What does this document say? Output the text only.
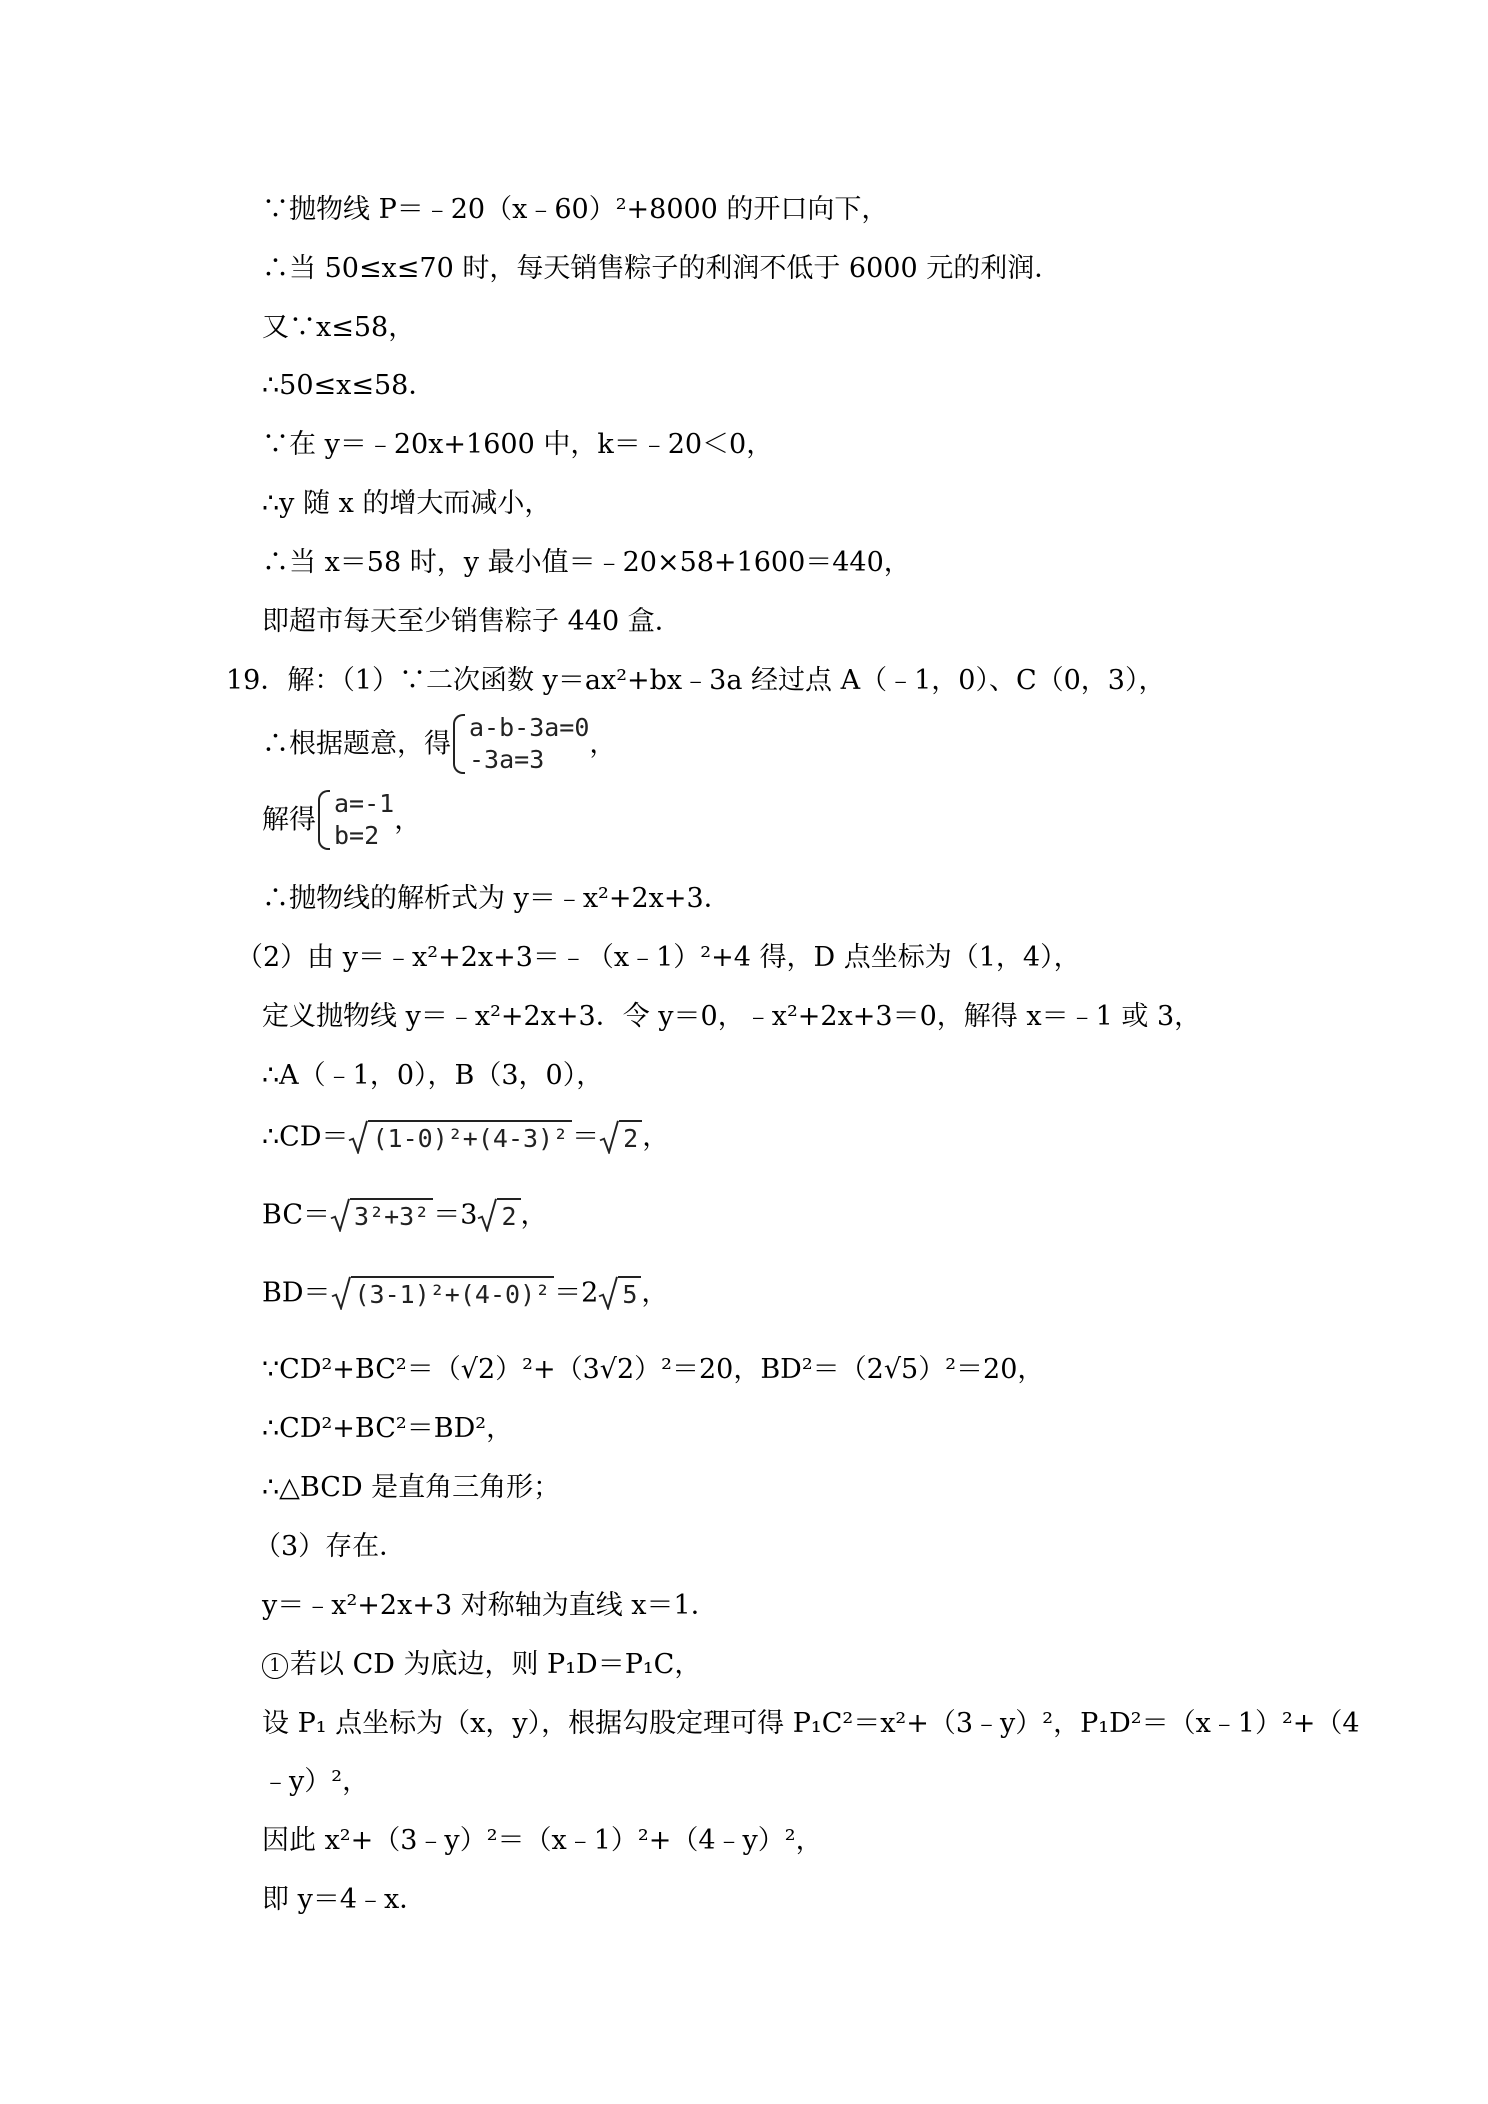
∵抛物线 P＝﹣20（x﹣60）²+8000 的开口向下，
∴当 50≤x≤70 时，每天销售粽子的利润不低于 6000 元的利润．
又∵x≤58，
∴50≤x≤58．
∵在 y＝﹣20x+1600 中，k＝﹣20＜0，
∴y 随 x 的增大而减小，
∴当 x＝58 时，y 最小值＝﹣20×58+1600＝440，
即超市每天至少销售粽子 440 盒．
19．解：（1）∵二次函数 y＝ax²+bx﹣3a 经过点 A（﹣1，0）、C（0，3），
∴根据题意，得
a-b-3a=0
-3a=3	，
解得
a=-1
b=2 ，
∴抛物线的解析式为 y＝﹣x²+2x+3．
（2）由 y＝﹣x²+2x+3＝﹣（x﹣1）²+4 得，D 点坐标为（1，4），
定义抛物线 y＝﹣x²+2x+3．令 y＝0，﹣x²+2x+3＝0，解得 x＝﹣1 或 3，
∴A（﹣1，0），B（3，0），
∴CD＝ (1-0)²+(4-3)² ＝ 2 ，
BC＝ 3²+3² ＝3 2 ，
BD＝ (3-1)²+(4-0)² ＝2 5 ，
∵CD²+BC²＝（√2）²+（3√2）²＝20，BD²＝（2√5）²＝20，
∴CD²+BC²＝BD²，
∴△BCD 是直角三角形；
（3）存在．
y＝﹣x²+2x+3 对称轴为直线 x＝1．
1 若以 CD 为底边，则 P₁D＝P₁C，
设 P₁ 点坐标为（x，y），根据勾股定理可得 P₁C²＝x²+（3﹣y）²，P₁D²＝（x﹣1）²+（4
﹣y）²，
因此 x²+（3﹣y）²＝（x﹣1）²+（4﹣y）²，
即 y＝4﹣x．
